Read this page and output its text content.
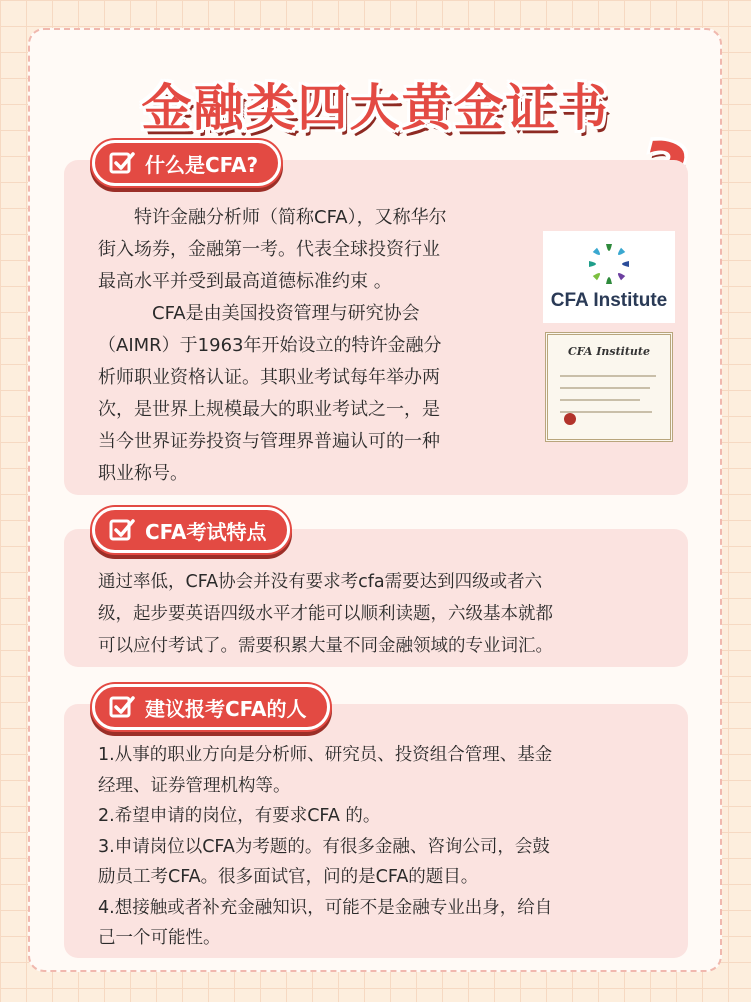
金融类四大黄金证书
什么是CFA?
　　特许金融分析师（简称CFA），又称华尔
街入场券，金融第一考。代表全球投资行业
最高水平并受到最高道德标准约束 。
　　　CFA是由美国投资管理与研究协会
（AIMR）于1963年开始设立的特许金融分
析师职业资格认证。其职业考试每年举办两
次，是世界上规模最大的职业考试之一，是
当今世界证券投资与管理界普遍认可的一种
职业称号。
CFA Institute
CFA Institute
CFA考试特点
通过率低，CFA协会并没有要求考cfa需要达到四级或者六
级，起步要英语四级水平才能可以顺利读题，六级基本就都
可以应付考试了。需要积累大量不同金融领域的专业词汇。
建议报考CFA的人
1.从事的职业方向是分析师、研究员、投资组合管理、基金
经理、证券管理机构等。
2.希望申请的岗位，有要求CFA 的。
3.申请岗位以CFA为考题的。有很多金融、咨询公司，会鼓
励员工考CFA。很多面试官，问的是CFA的题目。
4.想接触或者补充金融知识，可能不是金融专业出身，给自
己一个可能性。
